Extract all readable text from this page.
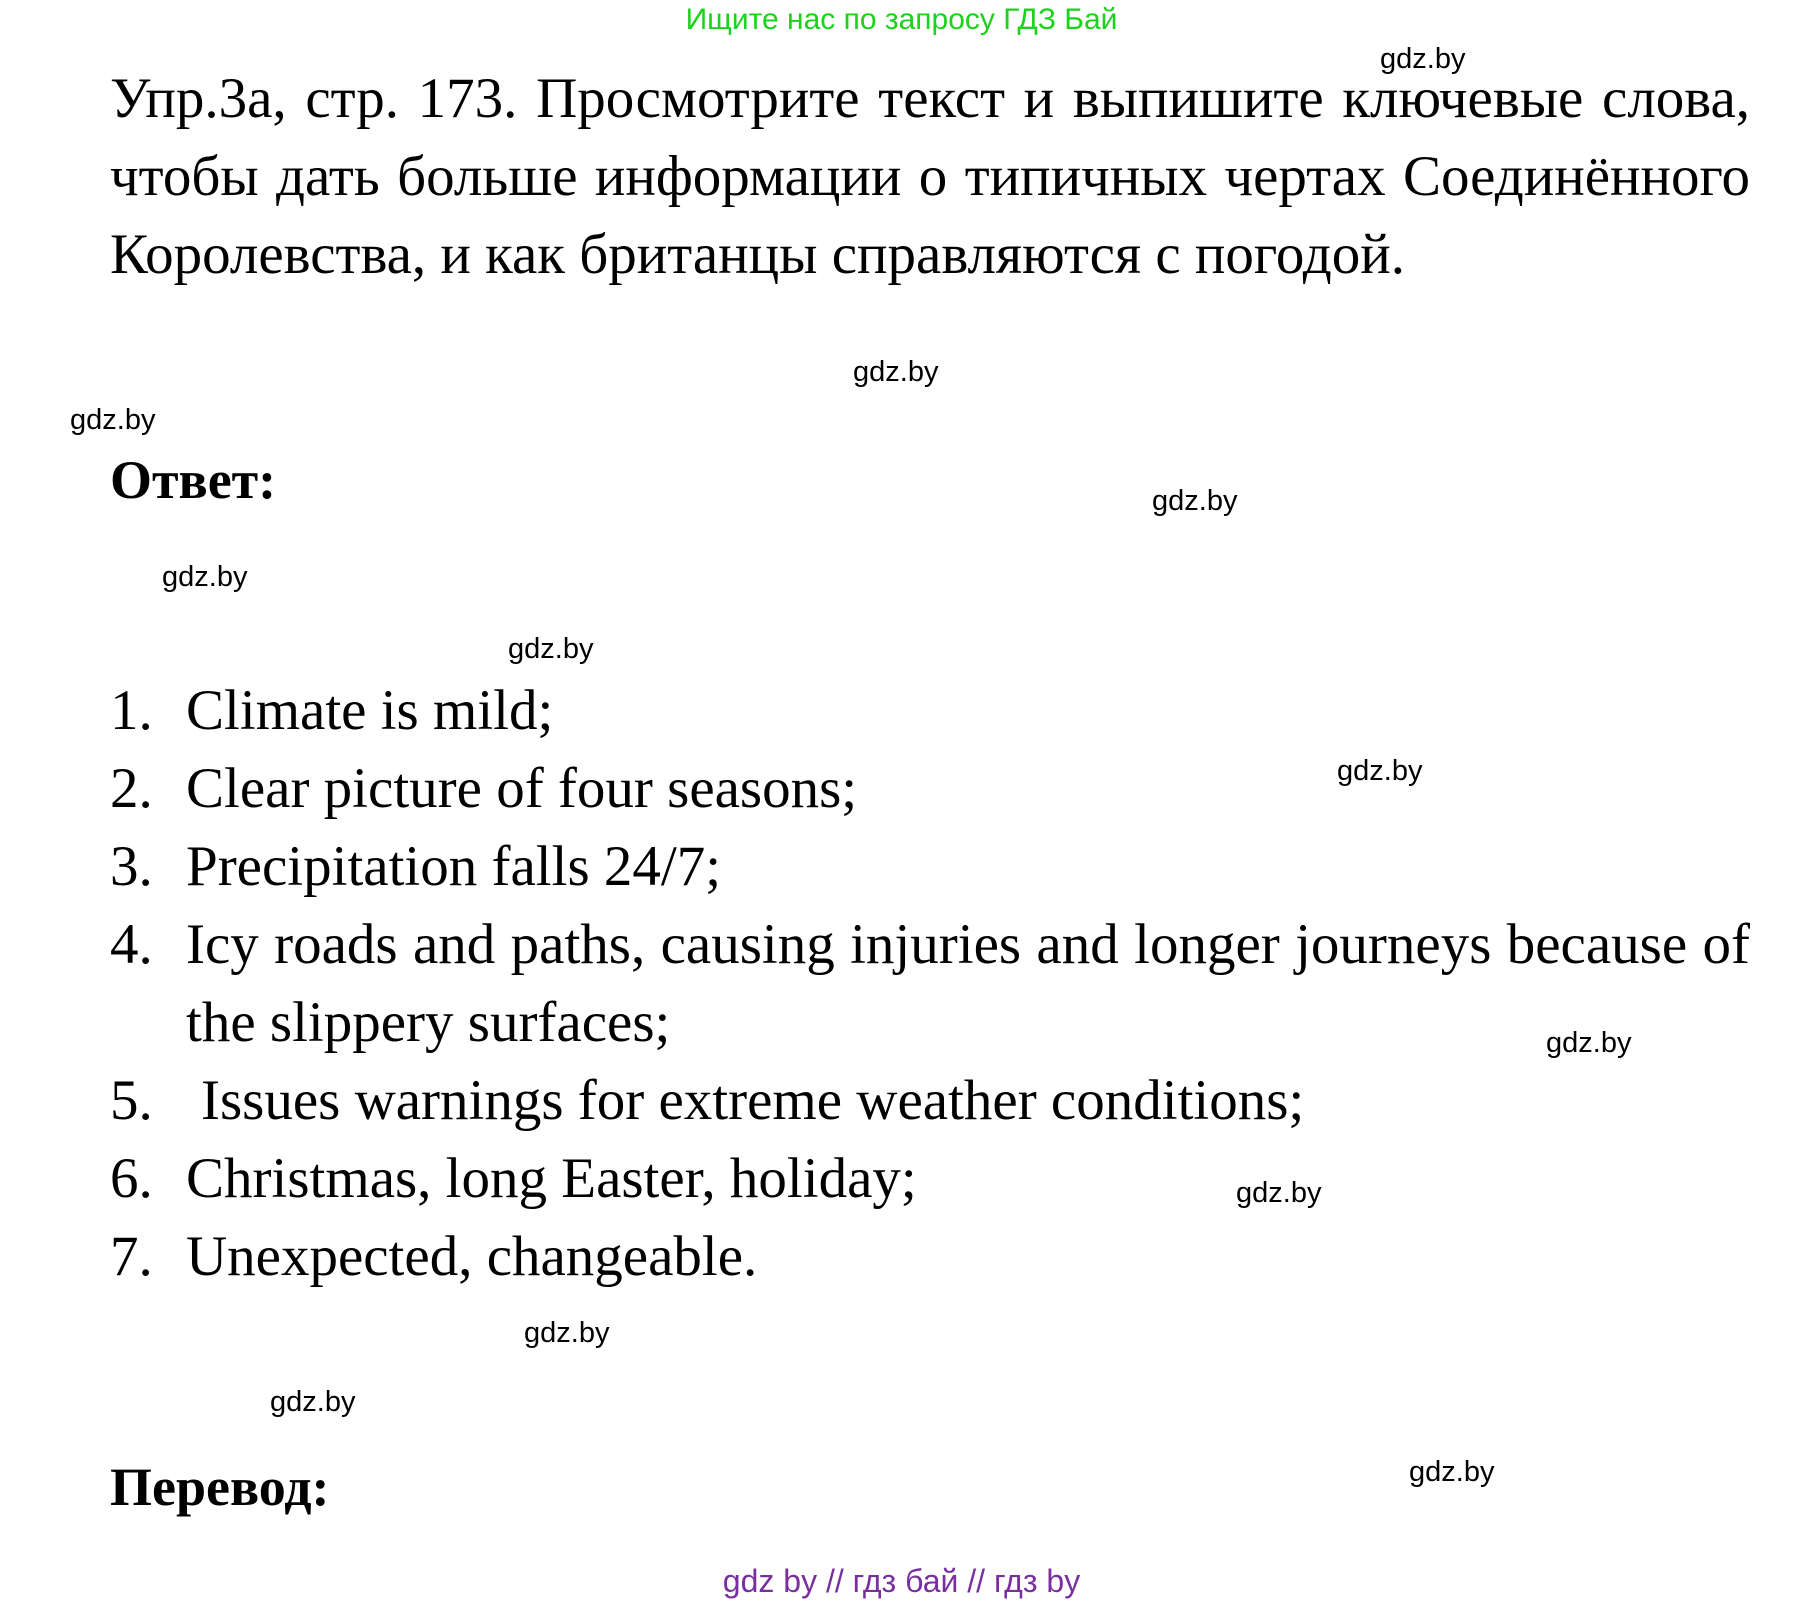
Ищите нас по запросу ГДЗ Бай
Упр.3а, стр. 173. Просмотрите текст и выпишите ключевые слова, чтобы дать больше информации о типичных чертах Соединённого Королевства, и как британцы справляются с погодой.
Ответ:
1. Climate is mild;
2. Clear picture of four seasons;
3. Precipitation falls 24/7;
4. Icy roads and paths, causing injuries and longer journeys because of the slippery surfaces;
5. Issues warnings for extreme weather conditions;
6. Christmas, long Easter, holiday;
7. Unexpected, changeable.
Перевод:
gdz.by
gdz.by
gdz.by
gdz.by
gdz.by
gdz.by
gdz.by
gdz.by
gdz.by
gdz.by
gdz.by
gdz.by
gdz by // гдз бай // гдз by
